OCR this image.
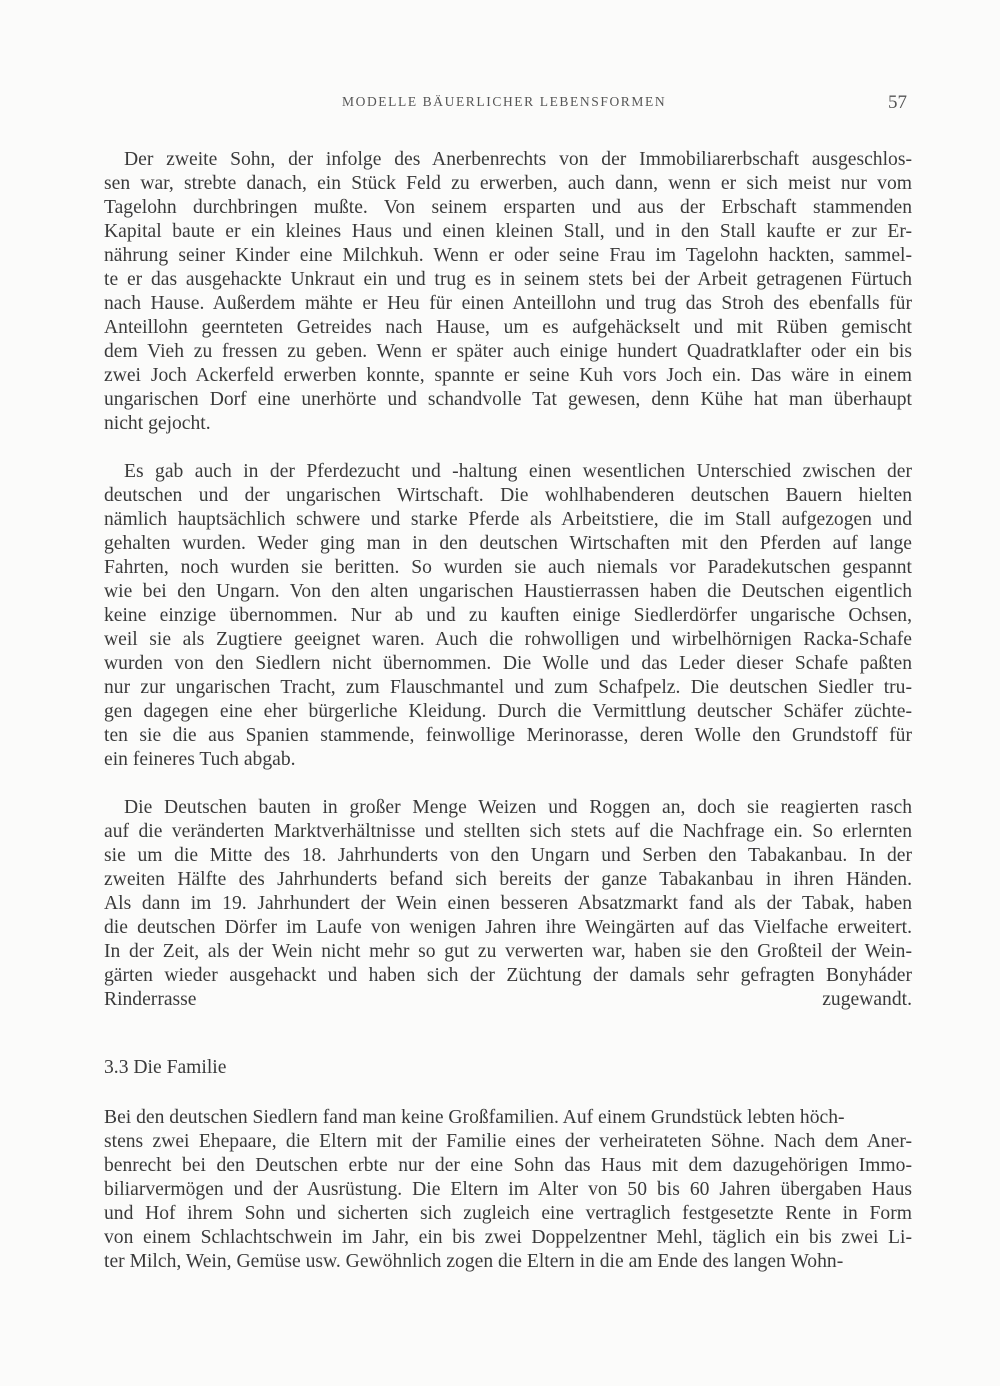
MODELLE BÄUERLICHER LEBENSFORMEN	57
Der zweite Sohn, der infolge des Anerbenrechts von der Immobiliarerbschaft ausgeschlos-
sen war, strebte danach, ein Stück Feld zu erwerben, auch dann, wenn er sich meist nur vom
Tagelohn durchbringen mußte. Von seinem ersparten und aus der Erbschaft stammenden
Kapital baute er ein kleines Haus und einen kleinen Stall, und in den Stall kaufte er zur Er-
nährung seiner Kinder eine Milchkuh. Wenn er oder seine Frau im Tagelohn hackten, sammel-
te er das ausgehackte Unkraut ein und trug es in seinem stets bei der Arbeit getragenen Fürtuch
nach Hause. Außerdem mähte er Heu für einen Anteillohn und trug das Stroh des ebenfalls für
Anteillohn geernteten Getreides nach Hause, um es aufgehäckselt und mit Rüben gemischt
dem Vieh zu fressen zu geben. Wenn er später auch einige hundert Quadratklafter oder ein bis
zwei Joch Ackerfeld erwerben konnte, spannte er seine Kuh vors Joch ein. Das wäre in einem
ungarischen Dorf eine unerhörte und schandvolle Tat gewesen, denn Kühe hat man überhaupt
nicht gejocht.
Es gab auch in der Pferdezucht und -haltung einen wesentlichen Unterschied zwischen der
deutschen und der ungarischen Wirtschaft. Die wohlhabenderen deutschen Bauern hielten
nämlich hauptsächlich schwere und starke Pferde als Arbeitstiere, die im Stall aufgezogen und
gehalten wurden. Weder ging man in den deutschen Wirtschaften mit den Pferden auf lange
Fahrten, noch wurden sie beritten. So wurden sie auch niemals vor Paradekutschen gespannt
wie bei den Ungarn. Von den alten ungarischen Haustierrassen haben die Deutschen eigentlich
keine einzige übernommen. Nur ab und zu kauften einige Siedlerdörfer ungarische Ochsen,
weil sie als Zugtiere geeignet waren. Auch die rohwolligen und wirbelhörnigen Racka-Schafe
wurden von den Siedlern nicht übernommen. Die Wolle und das Leder dieser Schafe paßten
nur zur ungarischen Tracht, zum Flauschmantel und zum Schafpelz. Die deutschen Siedler tru-
gen dagegen eine eher bürgerliche Kleidung. Durch die Vermittlung deutscher Schäfer züchte-
ten sie die aus Spanien stammende, feinwollige Merinorasse, deren Wolle den Grundstoff für
ein feineres Tuch abgab.
Die Deutschen bauten in großer Menge Weizen und Roggen an, doch sie reagierten rasch
auf die veränderten Marktverhältnisse und stellten sich stets auf die Nachfrage ein. So erlernten
sie um die Mitte des 18. Jahrhunderts von den Ungarn und Serben den Tabakanbau. In der
zweiten Hälfte des Jahrhunderts befand sich bereits der ganze Tabakanbau in ihren Händen.
Als dann im 19. Jahrhundert der Wein einen besseren Absatzmarkt fand als der Tabak, haben
die deutschen Dörfer im Laufe von wenigen Jahren ihre Weingärten auf das Vielfache erweitert.
In der Zeit, als der Wein nicht mehr so gut zu verwerten war, haben sie den Großteil der Wein-
gärten wieder ausgehackt und haben sich der Züchtung der damals sehr gefragten Bonyháder
Rinderrasse zugewandt.
Bei den deutschen Siedlern fand man keine Großfamilien. Auf einem Grundstück lebten höch-
stens zwei Ehepaare, die Eltern mit der Familie eines der verheirateten Söhne. Nach dem Aner-
benrecht bei den Deutschen erbte nur der eine Sohn das Haus mit dem dazugehörigen Immo-
biliarvermögen und der Ausrüstung. Die Eltern im Alter von 50 bis 60 Jahren übergaben Haus
und Hof ihrem Sohn und sicherten sich zugleich eine vertraglich festgesetzte Rente in Form
von einem Schlachtschwein im Jahr, ein bis zwei Doppelzentner Mehl, täglich ein bis zwei Li-
ter Milch, Wein, Gemüse usw. Gewöhnlich zogen die Eltern in die am Ende des langen Wohn-
3.3 Die Familie
